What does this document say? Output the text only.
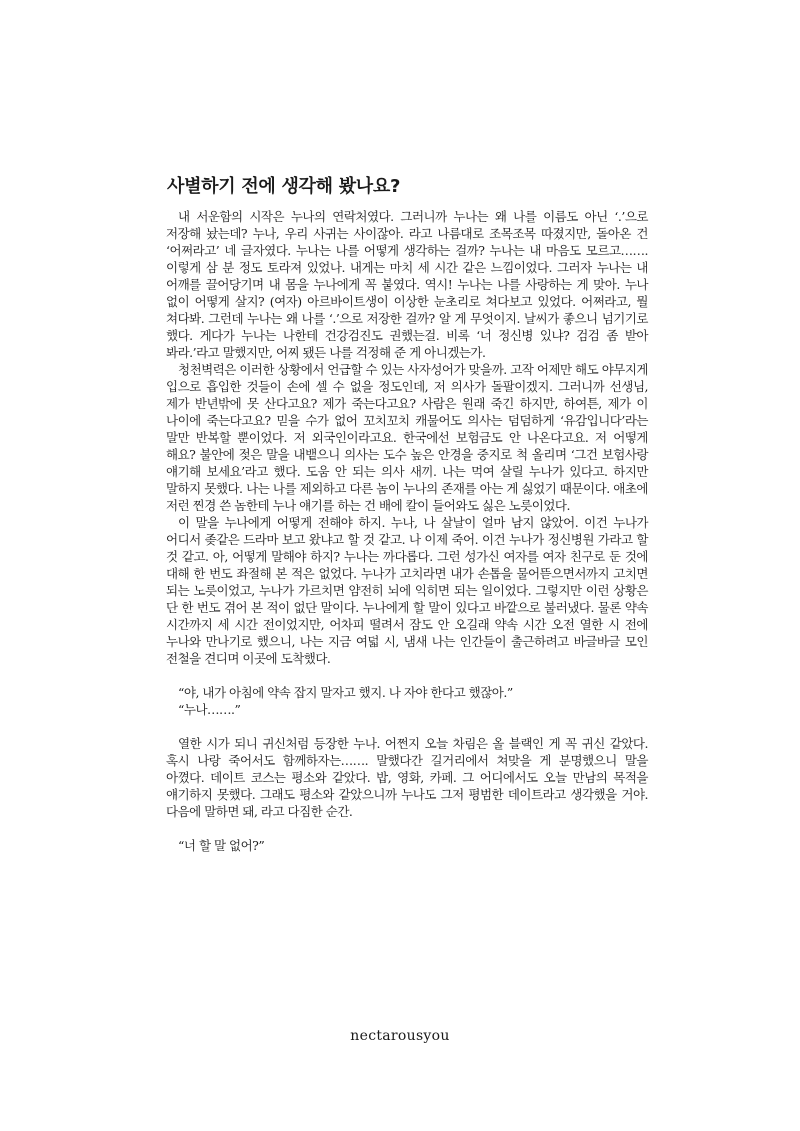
사별하기 전에 생각해 봤나요?

내 서운함의 시작은 누나의 연락처였다. 그러니까 누나는 왜 나를 이름도 아닌 ‘.’으로 저장해 놨는데? 누나, 우리 사귀는 사이잖아. 라고 나름대로 조목조목 따졌지만, 돌아온 건 ‘어쩌라고’ 네 글자였다. 누나는 나를 어떻게 생각하는 걸까? 누나는 내 마음도 모르고……. 이렇게 삼 분 정도 토라져 있었나. 내게는 마치 세 시간 같은 느낌이었다. 그러자 누나는 내 어깨를 끌어당기며 내 몸을 누나에게 꼭 붙였다. 역시! 누나는 나를 사랑하는 게 맞아. 누나 없이 어떻게 살지? (여자) 아르바이트생이 이상한 눈초리로 쳐다보고 있었다. 어쩌라고, 뭘 쳐다봐. 그런데 누나는 왜 나를 ‘.’으로 저장한 걸까? 알 게 무엇이지. 날씨가 좋으니 넘기기로 했다. 게다가 누나는 나한테 건강검진도 권했는걸. 비록 ‘너 정신병 있냐? 검검 좀 받아 봐라.’라고 말했지만, 어찌 됐든 나를 걱정해 준 게 아니겠는가.

청천벽력은 이러한 상황에서 언급할 수 있는 사자성어가 맞을까. 고작 어제만 해도 야무지게 입으로 흡입한 것들이 손에 셀 수 없을 정도인데, 저 의사가 돌팔이겠지. 그러니까 선생님, 제가 반년밖에 못 산다고요? 제가 죽는다고요? 사람은 원래 죽긴 하지만, 하여튼, 제가 이 나이에 죽는다고요? 믿을 수가 없어 꼬치꼬치 캐물어도 의사는 덤덤하게 ‘유감입니다’라는 말만 반복할 뿐이었다. 저 외국인이라고요. 한국에선 보험금도 안 나온다고요. 저 어떻게 해요? 불안에 젖은 말을 내뱉으니 의사는 도수 높은 안경을 중지로 척 올리며 ‘그건 보험사랑 얘기해 보세요’라고 했다. 도움 안 되는 의사 새끼. 나는 먹여 살릴 누나가 있다고. 하지만 말하지 못했다. 나는 나를 제외하고 다른 놈이 누나의 존재를 아는 게 싫었기 때문이다. 애초에 저런 찐경 쓴 놈한테 누나 얘기를 하는 건 배에 칼이 들어와도 싫은 노릇이었다.

이 말을 누나에게 어떻게 전해야 하지. 누나, 나 살날이 얼마 남지 않았어. 이건 누나가 어디서 좆같은 드라마 보고 왔냐고 할 것 같고. 나 이제 죽어. 이건 누나가 정신병원 가라고 할 것 같고. 아, 어떻게 말해야 하지? 누나는 까다롭다. 그런 성가신 여자를 여자 친구로 둔 것에 대해 한 번도 좌절해 본 적은 없었다. 누나가 고치라면 내가 손톱을 물어뜯으면서까지 고치면 되는 노릇이었고, 누나가 가르치면 얌전히 뇌에 익히면 되는 일이었다. 그렇지만 이런 상황은 단 한 번도 겪어 본 적이 없단 말이다. 누나에게 할 말이 있다고 바깥으로 불러냈다. 물론 약속 시간까지 세 시간 전이었지만, 어차피 떨려서 잠도 안 오길래 약속 시간 오전 열한 시 전에 누나와 만나기로 했으니, 나는 지금 여덟 시, 냄새 나는 인간들이 출근하려고 바글바글 모인 전철을 견디며 이곳에 도착했다.

“야, 내가 아침에 약속 잡지 말자고 했지. 나 자야 한다고 했잖아.”

“누나…….”

열한 시가 되니 귀신처럼 등장한 누나. 어쩐지 오늘 차림은 올 블랙인 게 꼭 귀신 같았다. 혹시 나랑 죽어서도 함께하자는……. 말했다간 길거리에서 쳐맞을 게 분명했으니 말을 아꼈다. 데이트 코스는 평소와 같았다. 밥, 영화, 카페. 그 어디에서도 오늘 만남의 목적을 얘기하지 못했다. 그래도 평소와 같았으니까 누나도 그저 평범한 데이트라고 생각했을 거야. 다음에 말하면 돼, 라고 다짐한 순간.

“너 할 말 없어?”

nectarousyou
